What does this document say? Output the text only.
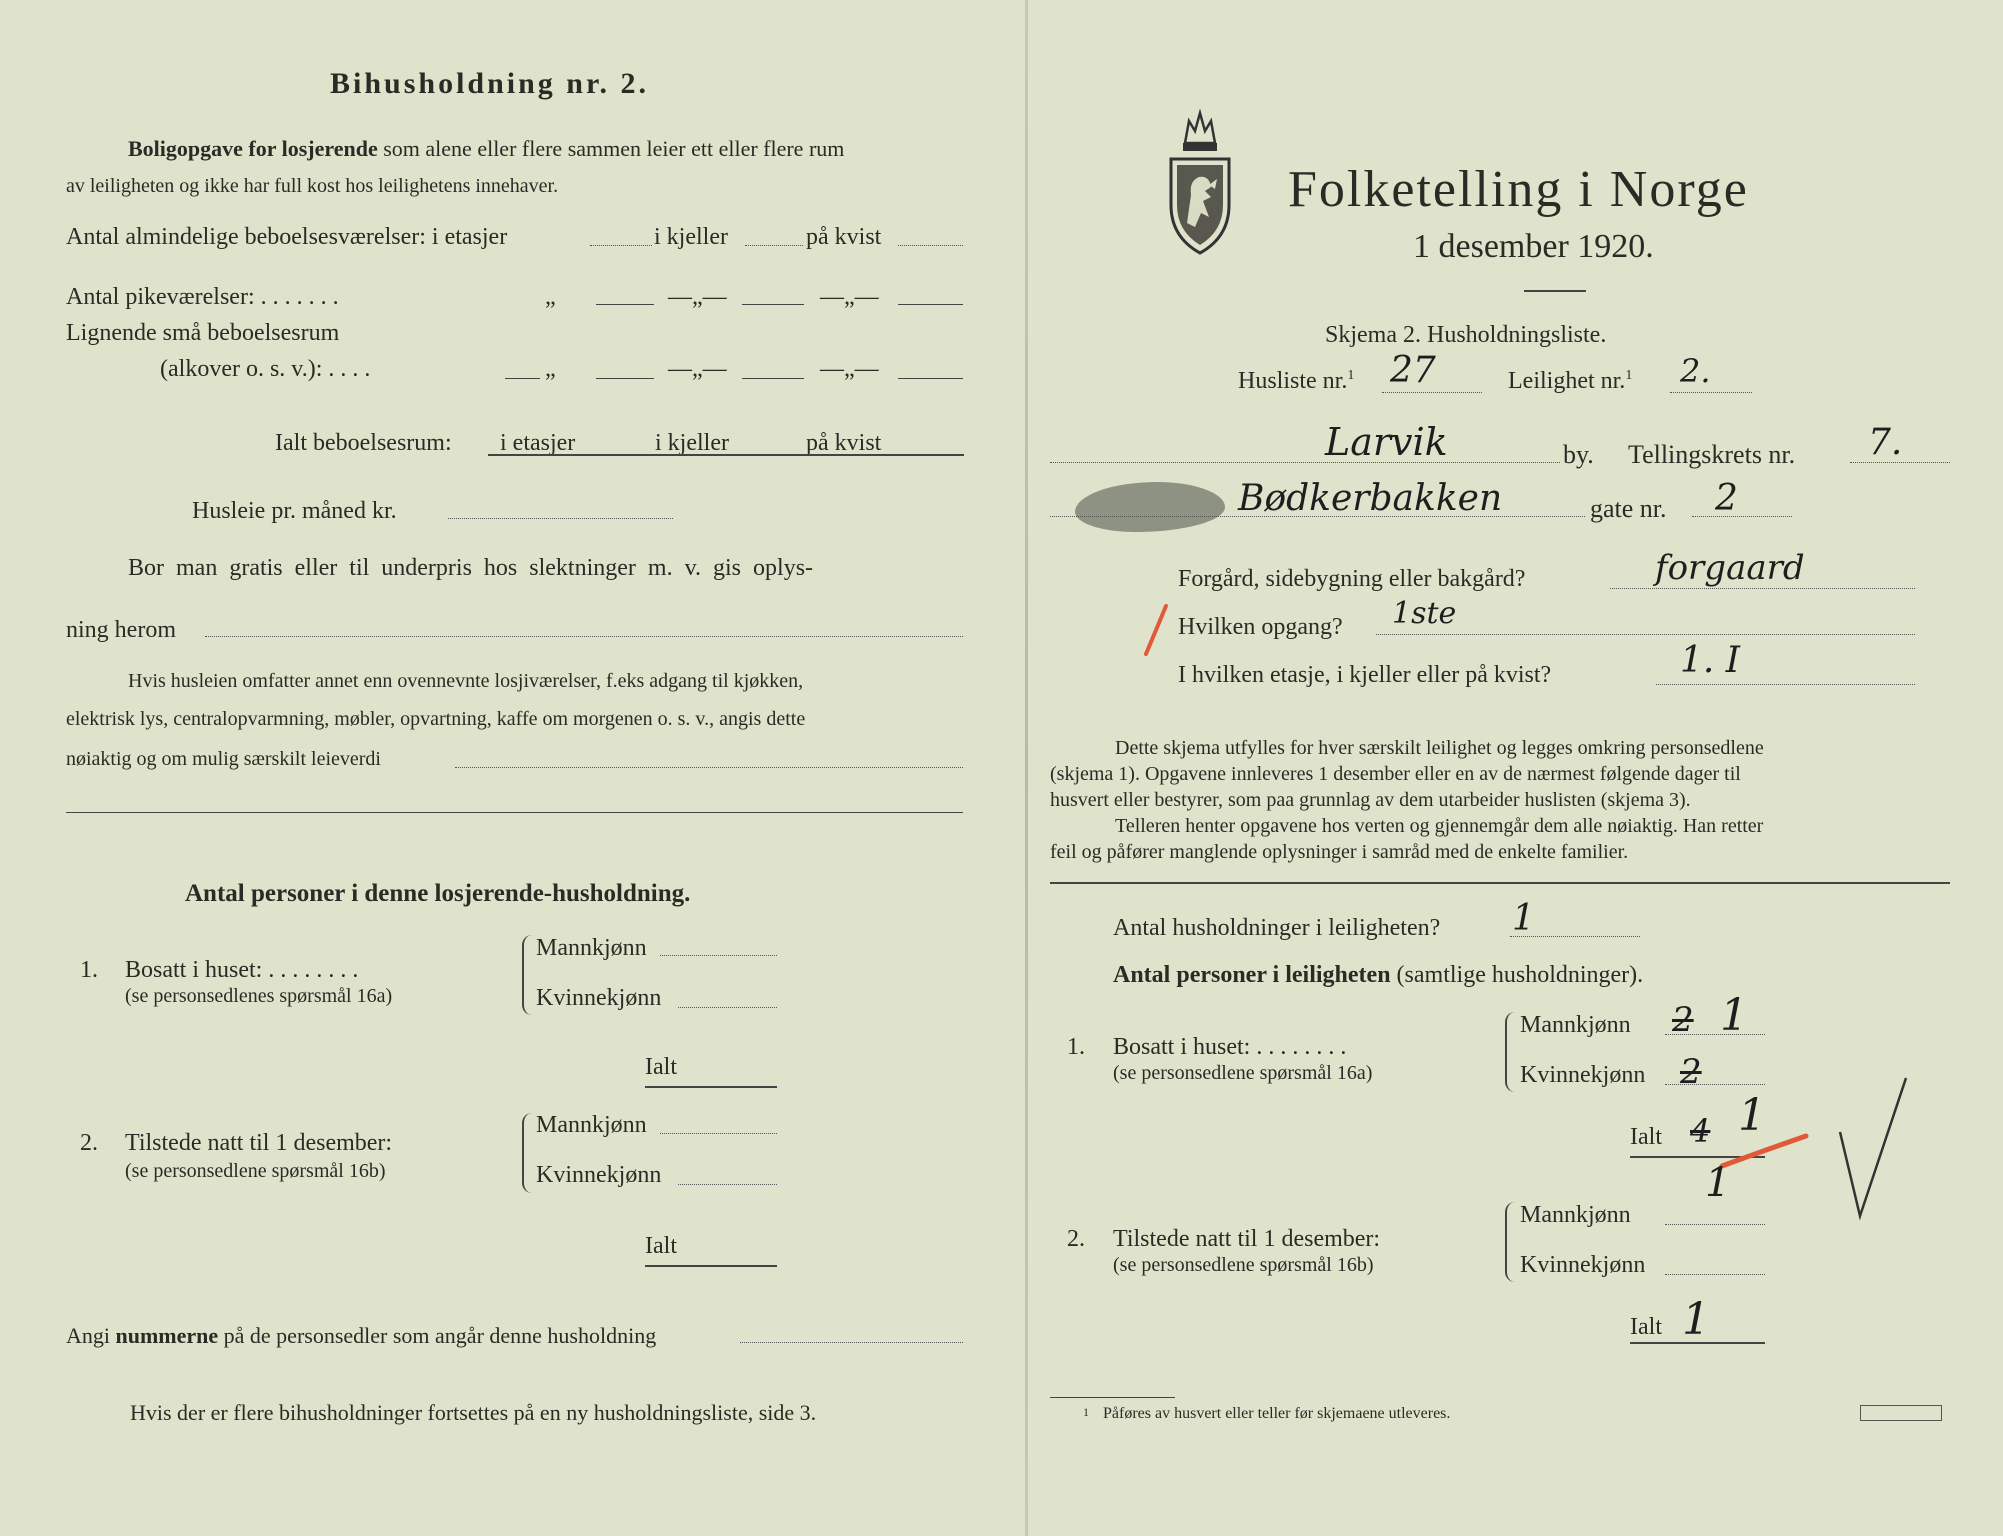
Bihusholdning nr. 2.
Boligopgave for losjerende som alene eller flere sammen leier ett eller flere rum
av leiligheten og ikke har full kost hos leilighetens innehaver.
Antal almindelige beboelsesværelser: i etasjer	i kjeller	på kvist
Antal pikeværelser: . . . . . . .	„	—„—	—„—
Lignende små beboelsesrum
(alkover o. s. v.): . . . .	„	—„—	—„—
Ialt beboelsesrum: i etasjer	i kjeller	på kvist
Husleie pr. måned kr.
Bor man gratis eller til underpris hos slektninger m. v. gis oplys-
ning herom
Hvis husleien omfatter annet enn ovennevnte losjiværelser, f.eks adgang til kjøkken,
elektrisk lys, centralopvarmning, møbler, opvartning, kaffe om morgenen o. s. v., angis dette
nøiaktig og om mulig særskilt leieverdi
Antal personer i denne losjerende-husholdning.
1. Bosatt i huset: . . . . . . . .
(se personsedlenes spørsmål 16a)
Mannkjønn
Kvinnekjønn
Ialt
2. Tilstede natt til 1 desember:
(se personsedlene spørsmål 16b)
Mannkjønn
Kvinnekjønn
Ialt
Angi nummerne på de personsedler som angår denne husholdning
Hvis der er flere bihusholdninger fortsettes på en ny husholdningsliste, side 3.
Folketelling i Norge
1 desember 1920.
Skjema 2. Husholdningsliste.
Husliste nr.$^1$ 27	Leilighet nr.$^1$ 2.
Larvik	by. Tellingskrets nr. 7.
Bødkerbakken	gate nr. 2
Forgård, sidebygning eller bakgård?	forgaard
Hvilken opgang? 1ste
I hvilken etasje, i kjeller eller på kvist?	1. I
Dette skjema utfylles for hver særskilt leilighet og legges omkring personsedlene
(skjema 1). Opgavene innleveres 1 desember eller en av de nærmest følgende dager til
husvert eller bestyrer, som paa grunnlag av dem utarbeider huslisten (skjema 3).
Telleren henter opgavene hos verten og gjennemgår dem alle nøiaktig. Han retter
feil og påfører manglende oplysninger i samråd med de enkelte familier.
Antal husholdninger i leiligheten? 1
Antal personer i leiligheten (samtlige husholdninger).
1. Bosatt i huset: . . . . . . . .
(se personsedlene spørsmål 16a)
Mannkjønn 2 1
Kvinnekjønn 2
Ialt 4 1
1
2. Tilstede natt til 1 desember:
(se personsedlene spørsmål 16b)
Mannkjønn
Kvinnekjønn
Ialt 1
1 Påføres av husvert eller teller før skjemaene utleveres.
